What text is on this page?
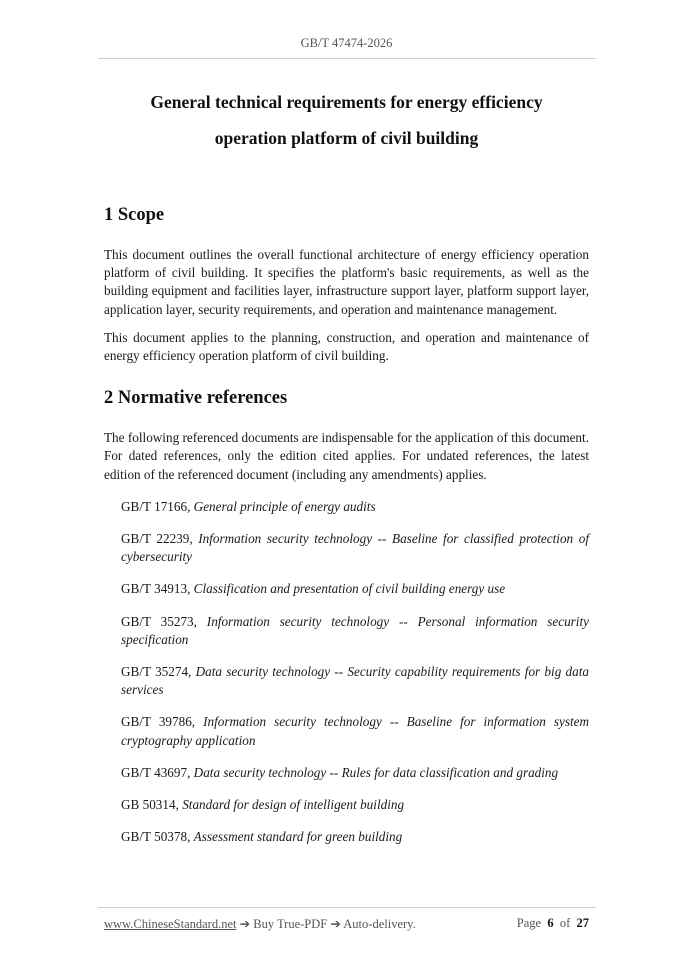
GB/T 47474-2026
General technical requirements for energy efficiency
operation platform of civil building
1 Scope

This document outlines the overall functional architecture of energy efficiency operation platform of civil building. It specifies the platform's basic requirements, as well as the building equipment and facilities layer, infrastructure support layer, platform support layer, application layer, security requirements, and operation and maintenance management.

This document applies to the planning, construction, and operation and maintenance of energy efficiency operation platform of civil building.

2 Normative references

The following referenced documents are indispensable for the application of this document. For dated references, only the edition cited applies. For undated references, the latest edition of the referenced document (including any amendments) applies.

GB/T 17166, General principle of energy audits
GB/T 22239, Information security technology -- Baseline for classified protection of cybersecurity
GB/T 34913, Classification and presentation of civil building energy use
GB/T 35273, Information security technology -- Personal information security specification
GB/T 35274, Data security technology -- Security capability requirements for big data services
GB/T 39786, Information security technology -- Baseline for information system cryptography application
GB/T 43697, Data security technology -- Rules for data classification and grading
GB 50314, Standard for design of intelligent building
GB/T 50378, Assessment standard for green building
www.ChineseStandard.net ➔ Buy True-PDF ➔ Auto-delivery.	Page 6 of 27
